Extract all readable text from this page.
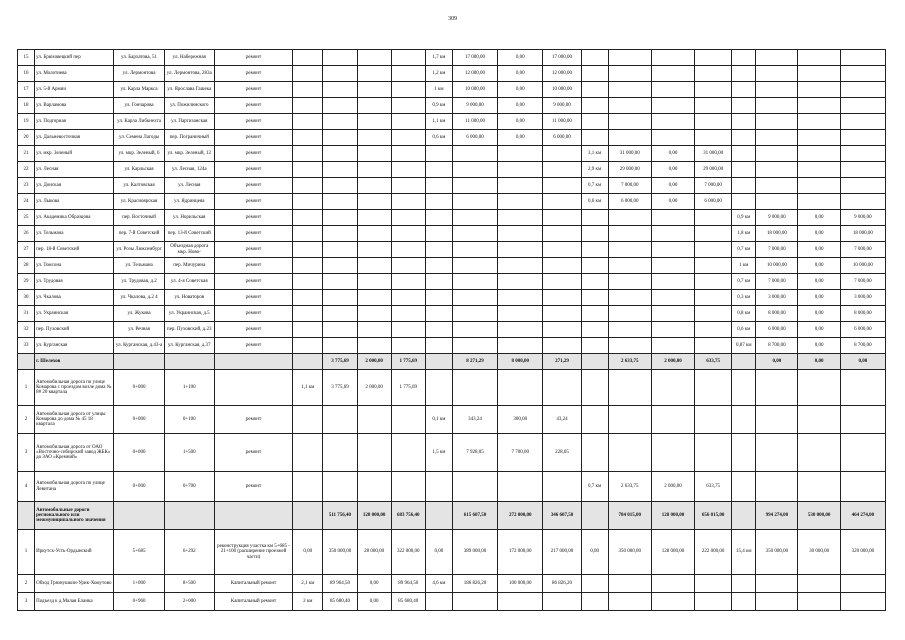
309
15	ул. Брюховецкий пер	ул. Бархатова, 51	ул. Набережная	ремонт					1,7 км	17 000,00	0,00	17 000,00								
16	ул. Молотиева	ул. Лермонтова	ул. Лермонтова, 283а	ремонт					1,2 км	12 000,00	0,00	12 000,00								
17	ул. 5-й Армии	ул. Карла Маркса	ул. Ярослава Гашека	ремонт					1 км	10 000,00	0,00	10 000,00								
18	ул. Варламова	ул. Гончарова	ул. Пожилинского	ремонт					0,9 км	9 000,00	0,00	9 000,00								
19	ул. Подгорная	ул. Карла Либкнехта	ул. Партизанская	ремонт					1,1 км	11 000,00	0,00	11 000,00								
20	ул. Дальневосточная	ул. Семена Лагоды	пер. Пограничный	ремонт					0,6 км	6 000,00	0,00	6 000,00								
21	ул. мкр. Зеленый	ул. мкр. Зеленый, 6	ул. мкр. Зеленый, 12	ремонт									3,1 км	31 000,00	0,00	31 000,00				
22	ул. Лесная	ул. Карльская	ул. Лесная, 124а	ремонт									2,9 км	29 000,00	0,00	29 000,00				
23	ул. Донская	ул. Калтовская	ул. Лесная	ремонт									0,7 км	7 000,00	0,00	7 000,00				
24	ул. Лыкова	ул. Красноярская	ул. Ядринцева	ремонт									0,6 км	6 000,00	0,00	6 000,00				
25	ул. Академика Образцова	пер. Восточный	ул. Норильская	ремонт													0,9 км	9 000,00	0,00	9 000,00
26	ул. Тельмана	пер. 7-й Советский	пер. 13-й Советский	ремонт													1,8 км	18 000,00	0,00	18 000,00
27	пер. 18-й Советский	ул. Розы Люксембург	Объездная дорога мкр. Ново-	ремонт													0,7 км	7 000,00	0,00	7 000,00
28	ул. Томсона	ул. Тельмана	пер. Мичурина	ремонт													1 км	10 000,00	0,00	10 000,00
29	ул. Трудовая	ул. Трудовая, д.2	ул. 4-я Советская	ремонт													0,7 км	7 000,00	0,00	7 000,00
30	ул. Чкалова	ул. Чкалова, д.2 4	ул. Новаторов	ремонт													0,3 км	3 000,00	0,00	3 000,00
31	ул. Украинская	ул. Жукова	ул. Украинская, д.5	ремонт													0,8 км	8 000,00	0,00	8 000,00
32	пер. Пуховский	ул. Речная	пер. Пуховский, д.23	ремонт													0,6 км	6 000,00	0,00	6 000,00
33	ул. Курганская	ул. Курганская, д.43-а	ул. Курганская, д.37	ремонт													0,87 км	8 700,00	0,00	8 700,00
	г. Шелехов					3 775,69	2 000,00	1 775,69		8 271,29	8 000,00	271,29		2 633,75	2 000,00	633,75		0,00	0,00	0,00
1	Автомобильная дорога по улице Комарова с проездом возле дома № 8# 20 квартала	0+000	1+100		1,1 км	3 775,69	2 000,00	1 775,69												
2	Автомобильная дорога от улицы Комарова до дома № 45 18 квартала	0+000	0+100	ремонт					0,1 км	343,24	300,00	43,24								
3	Автомобильная дорога от ОАО «Восточно-сибирский завод ЖБК» до ЗАО «Кремний»	0+000	1+500	ремонт					1,5 км	7 928,05	7 700,00	228,05								
4	Автомобильная дорога по улице Левитана	0+000	0+700	ремонт									0,7 км	2 633,75	2 000,00	633,75				
	Автомобильные дороги регионального или межмуниципального значения					511 756,40	128 000,00	683 756,40		615 607,50	272 000,00	346 607,50		784 015,00	128 000,00	656 015,00		994 274,00	530 000,00	464 274,00
1	Иркутск-Усть-Ордынский	5+685	6+292	реконструкция участка км 5+685 - 21+100 (расширение проезжей части)	0,00	350 000,00	28 000,00	322 000,00	0,00	389 000,00	172 000,00	217 000,00	0,00	350 000,00	128 000,00	222 000,00	15,4 км	350 000,00	30 000,00	320 000,00
2	Обход Грязнушкин-Урик-Хомутово	1+000	8+500	Капитальный ремонт	2,1 км	89 964,50	0,00	89 964,50	4,6 км	186 826,20	100 000,00	86 826,20								
3	Подъезд к д.Малая Еланка	0+960	2+000	Капитальный ремонт	2 км	85 680,40	0,00	85 680,40												
